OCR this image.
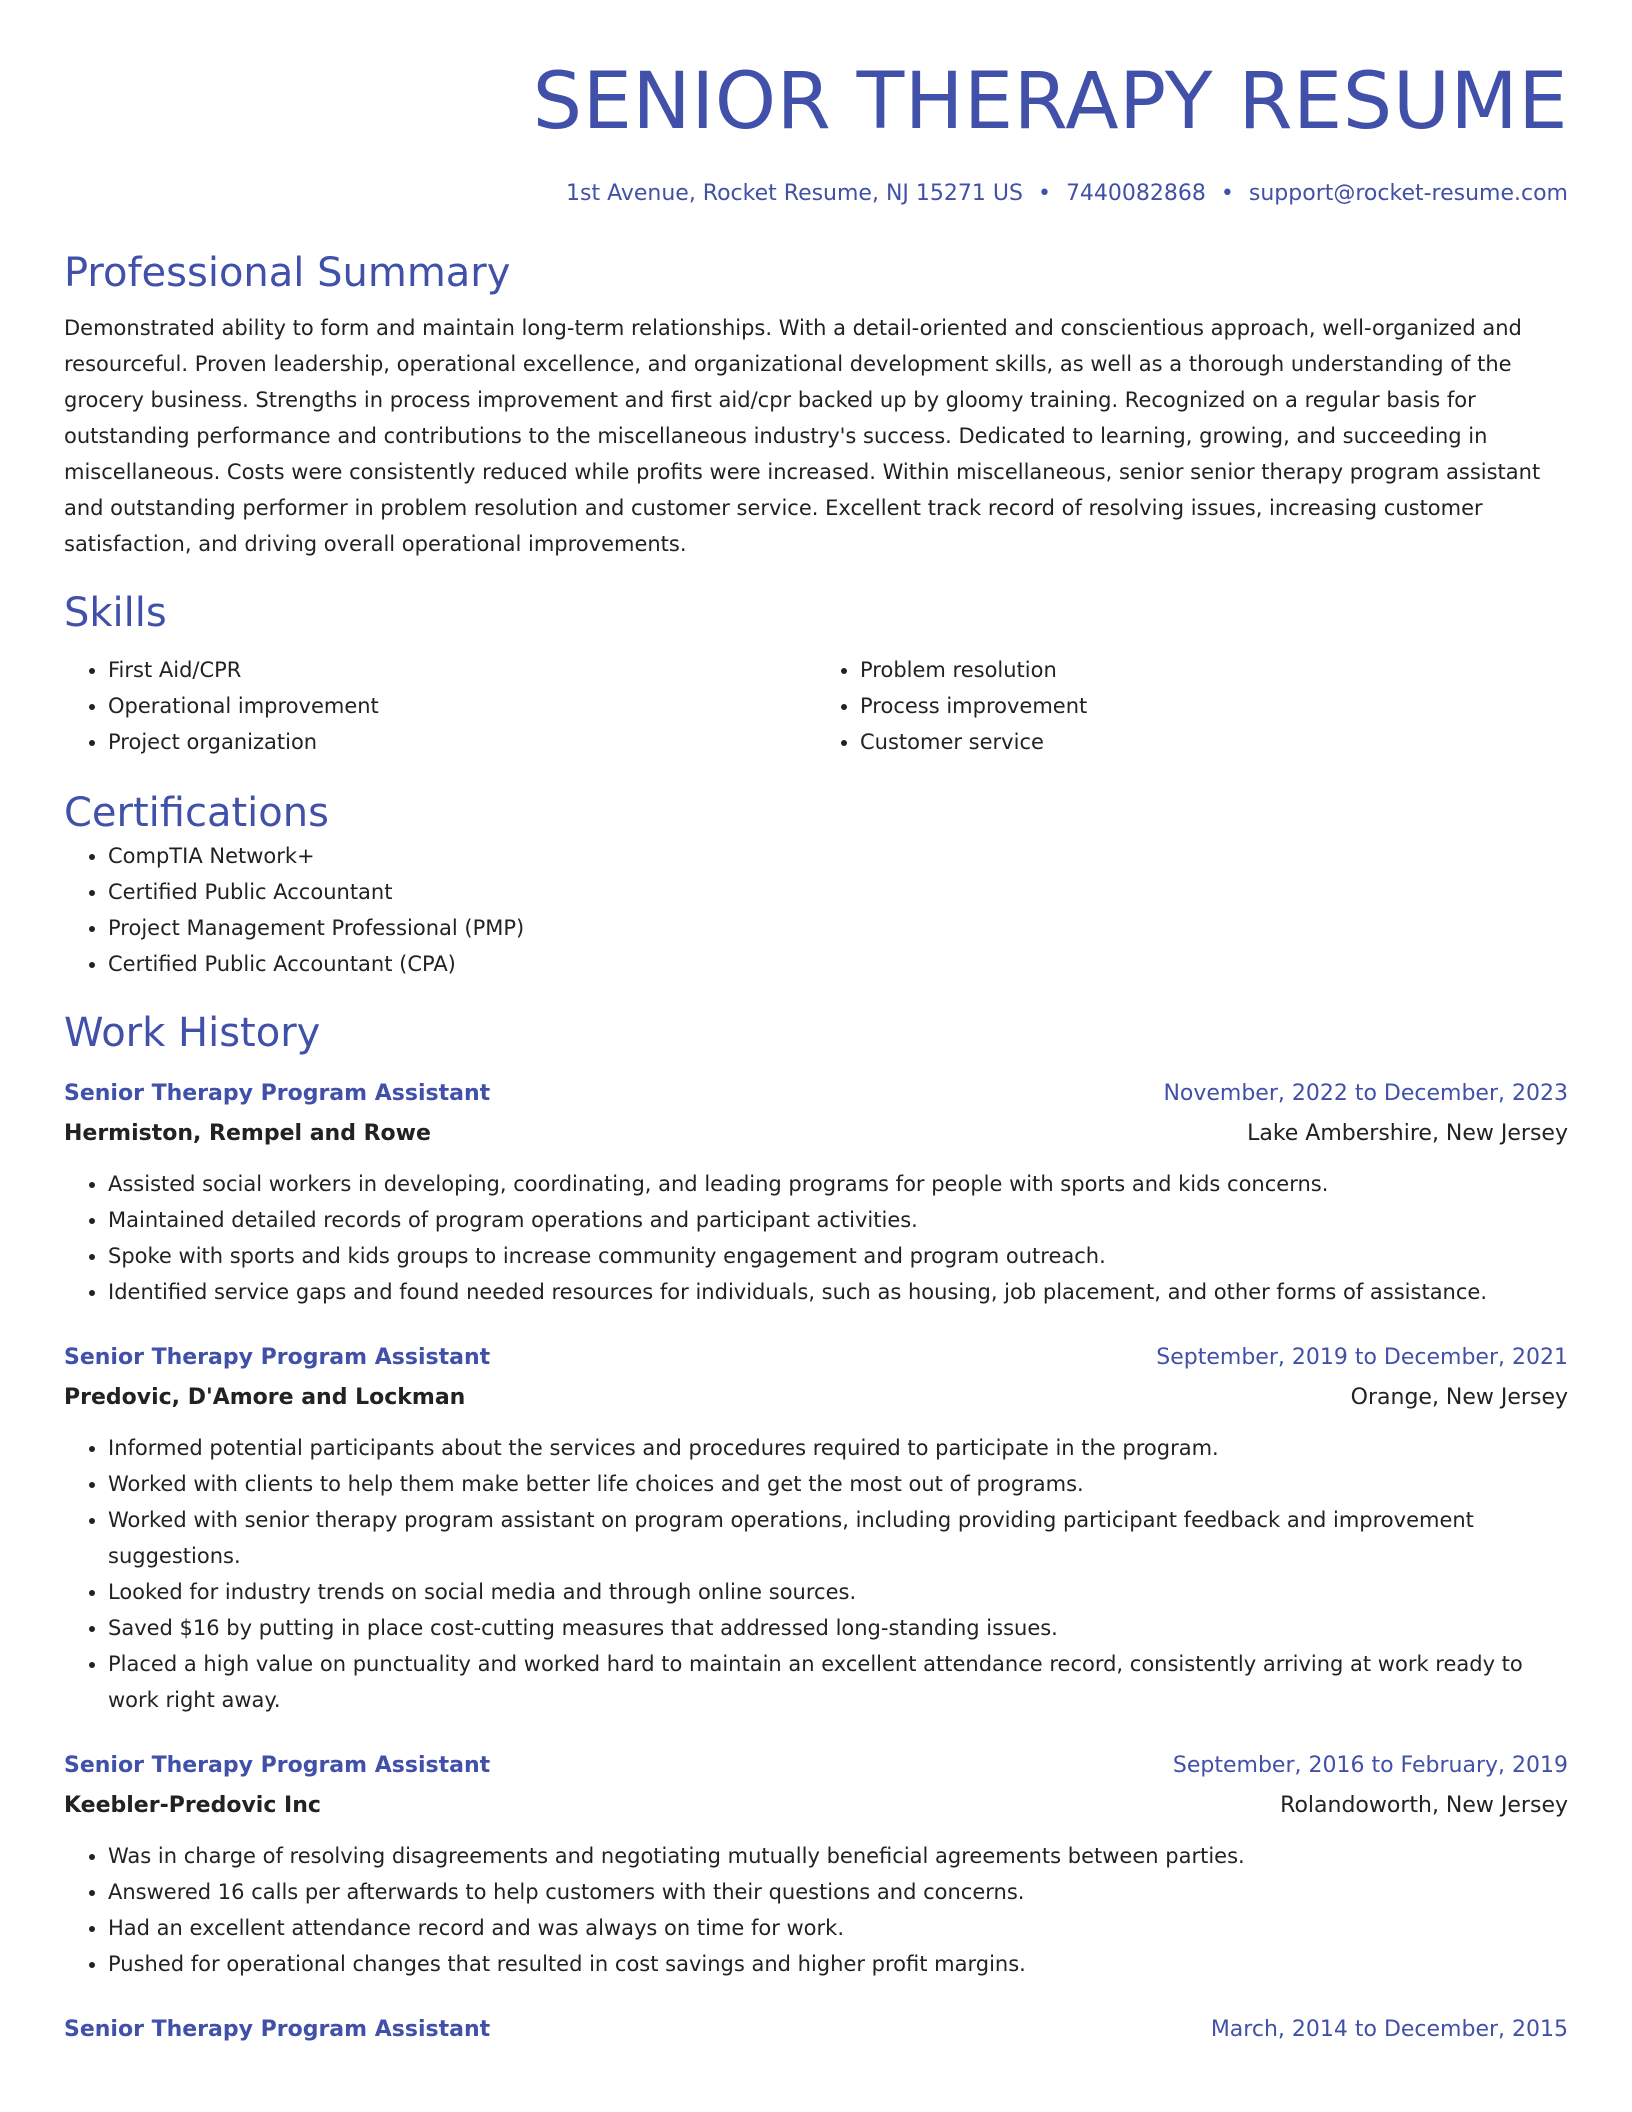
SENIOR THERAPY RESUME
1st Avenue, Rocket Resume, NJ 15271 US • 7440082868 • support@rocket-resume.com
Professional Summary
Demonstrated ability to form and maintain long-term relationships. With a detail-oriented and conscientious approach, well-organized and resourceful. Proven leadership, operational excellence, and organizational development skills, as well as a thorough understanding of the grocery business. Strengths in process improvement and first aid/cpr backed up by gloomy training. Recognized on a regular basis for outstanding performance and contributions to the miscellaneous industry's success. Dedicated to learning, growing, and succeeding in miscellaneous. Costs were consistently reduced while profits were increased. Within miscellaneous, senior senior therapy program assistant and outstanding performer in problem resolution and customer service. Excellent track record of resolving issues, increasing customer satisfaction, and driving overall operational improvements.
Skills
• First Aid/CPR
• Operational improvement
• Project organization
• Problem resolution
• Process improvement
• Customer service
Certifications
• CompTIA Network+
• Certified Public Accountant
• Project Management Professional (PMP)
• Certified Public Accountant (CPA)
Work History
Senior Therapy Program Assistant	November, 2022 to December, 2023
Hermiston, Rempel and Rowe	Lake Ambershire, New Jersey
• Assisted social workers in developing, coordinating, and leading programs for people with sports and kids concerns.
• Maintained detailed records of program operations and participant activities.
• Spoke with sports and kids groups to increase community engagement and program outreach.
• Identified service gaps and found needed resources for individuals, such as housing, job placement, and other forms of assistance.
Senior Therapy Program Assistant	September, 2019 to December, 2021
Predovic, D'Amore and Lockman	Orange, New Jersey
• Informed potential participants about the services and procedures required to participate in the program.
• Worked with clients to help them make better life choices and get the most out of programs.
• Worked with senior therapy program assistant on program operations, including providing participant feedback and improvement suggestions.
• Looked for industry trends on social media and through online sources.
• Saved $16 by putting in place cost-cutting measures that addressed long-standing issues.
• Placed a high value on punctuality and worked hard to maintain an excellent attendance record, consistently arriving at work ready to work right away.
Senior Therapy Program Assistant	September, 2016 to February, 2019
Keebler-Predovic Inc	Rolandoworth, New Jersey
• Was in charge of resolving disagreements and negotiating mutually beneficial agreements between parties.
• Answered 16 calls per afterwards to help customers with their questions and concerns.
• Had an excellent attendance record and was always on time for work.
• Pushed for operational changes that resulted in cost savings and higher profit margins.
Senior Therapy Program Assistant	March, 2014 to December, 2015
